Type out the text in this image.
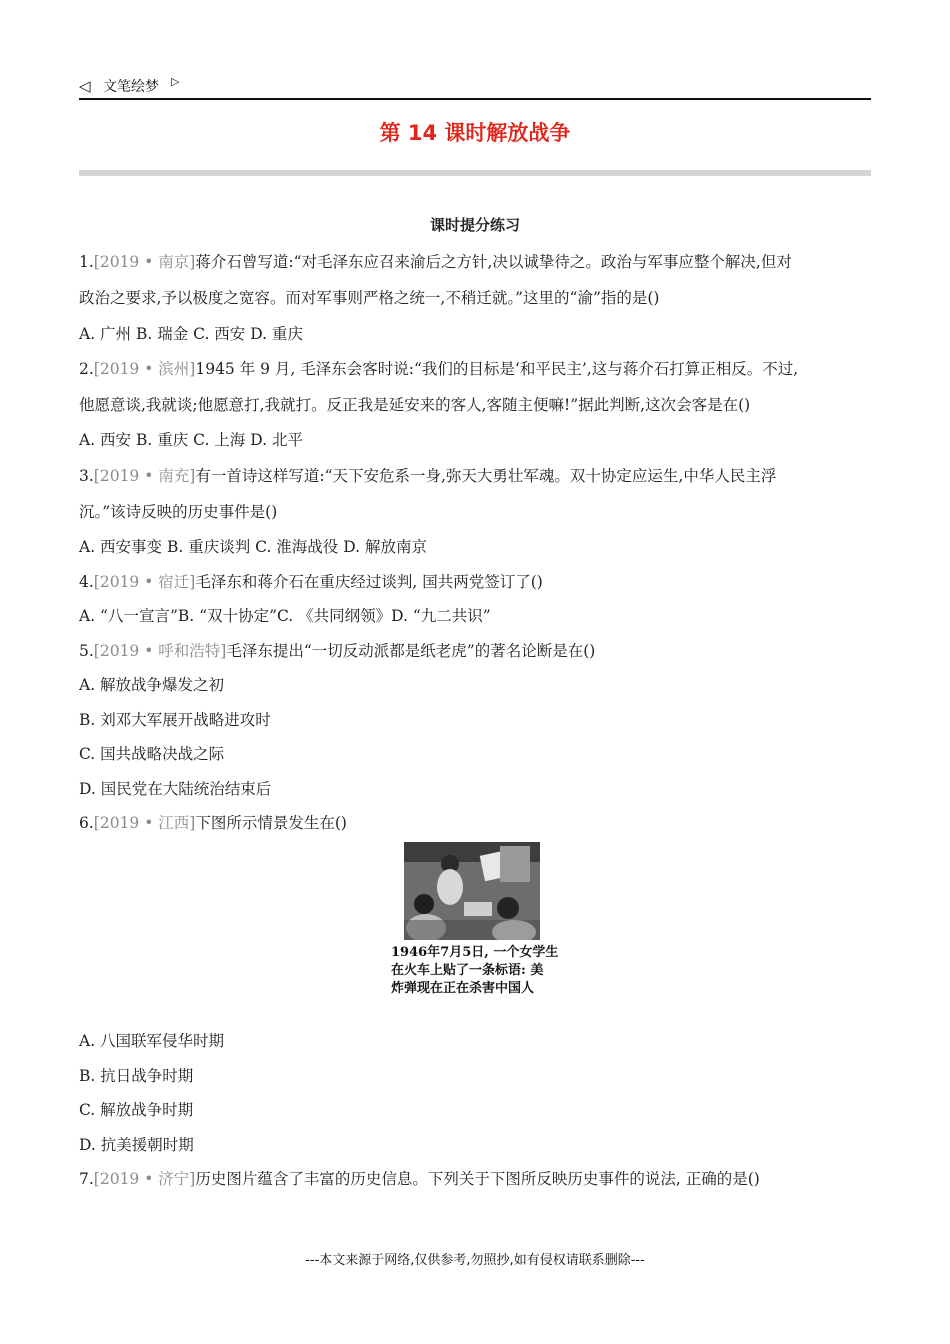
◁ 文笔绘梦 ▷
第 14 课时解放战争
课时提分练习
1.[2019 • 南京]蒋介石曾写道:“对毛泽东应召来渝后之方针,决以诚挚待之。政治与军事应整个解决,但对
政治之要求,予以极度之宽容。而对军事则严格之统一,不稍迁就。”这里的“渝”指的是()
A. 广州 B. 瑞金 C. 西安 D. 重庆
2.[2019 • 滨州]1945 年 9 月, 毛泽东会客时说:“我们的目标是‘和平民主’,这与蒋介石打算正相反。不过,
他愿意谈,我就谈;他愿意打,我就打。反正我是延安来的客人,客随主便嘛!”据此判断,这次会客是在()
A. 西安 B. 重庆 C. 上海 D. 北平
3.[2019 • 南充]有一首诗这样写道:“天下安危系一身,弥天大勇壮军魂。双十协定应运生,中华人民主浮
沉。”该诗反映的历史事件是()
A. 西安事变 B. 重庆谈判 C. 淮海战役 D. 解放南京
4.[2019 • 宿迁]毛泽东和蒋介石在重庆经过谈判, 国共两党签订了()
A. “八一宣言”B. “双十协定”C. 《共同纲领》D. “九二共识”
5.[2019 • 呼和浩特]毛泽东提出“一切反动派都是纸老虎”的著名论断是在()
A. 解放战争爆发之初
B. 刘邓大军展开战略进攻时
C. 国共战略决战之际
D. 国民党在大陆统治结束后
6.[2019 • 江西]下图所示情景发生在()
1946年7月5日, 一个女学生
在火车上贴了一条标语: 美
炸弹现在正在杀害中国人
A. 八国联军侵华时期
B. 抗日战争时期
C. 解放战争时期
D. 抗美援朝时期
7.[2019 • 济宁]历史图片蕴含了丰富的历史信息。下列关于下图所反映历史事件的说法, 正确的是()
---本文来源于网络,仅供参考,勿照抄,如有侵权请联系删除---
